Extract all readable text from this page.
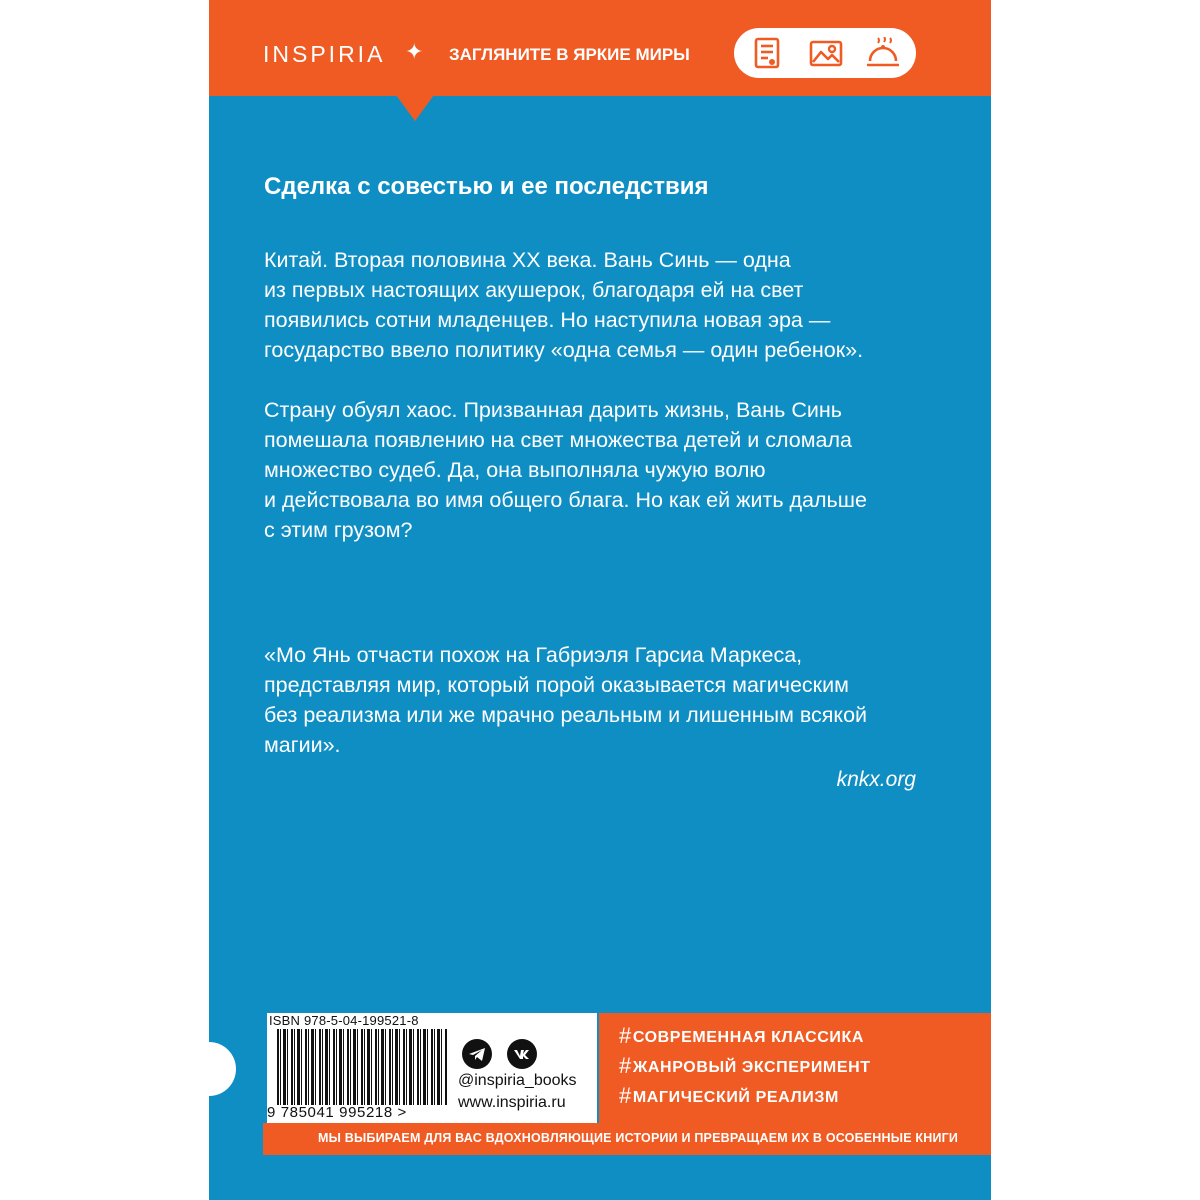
INSPIRIA ✦ ЗАГЛЯНИТЕ В ЯРКИЕ МИРЫ
Сделка с совестью и ее последствия
Китай. Вторая половина XX века. Вань Синь — одна
из первых настоящих акушерок, благодаря ей на свет
появились сотни младенцев. Но наступила новая эра —
государство ввело политику «одна семья — один ребенок».
Страну обуял хаос. Призванная дарить жизнь, Вань Синь
помешала появлению на свет множества детей и сломала
множество судеб. Да, она выполняла чужую волю
и действовала во имя общего блага. Но как ей жить дальше
с этим грузом?
«Мо Янь отчасти похож на Габриэля Гарсиа Маркеса,
представляя мир, который порой оказывается магическим
без реализма или же мрачно реальным и лишенным всякой
магии».
knkx.org
ISBN 978-5-04-199521-8
9 785041 995218 >
@inspiria_books
www.inspiria.ru
#СОВРЕМЕННАЯ КЛАССИКА
#ЖАНРОВЫЙ ЭКСПЕРИМЕНТ
#МАГИЧЕСКИЙ РЕАЛИЗМ
МЫ ВЫБИРАЕМ ДЛЯ ВАС ВДОХНОВЛЯЮЩИЕ ИСТОРИИ И ПРЕВРАЩАЕМ ИХ В ОСОБЕННЫЕ КНИГИ
